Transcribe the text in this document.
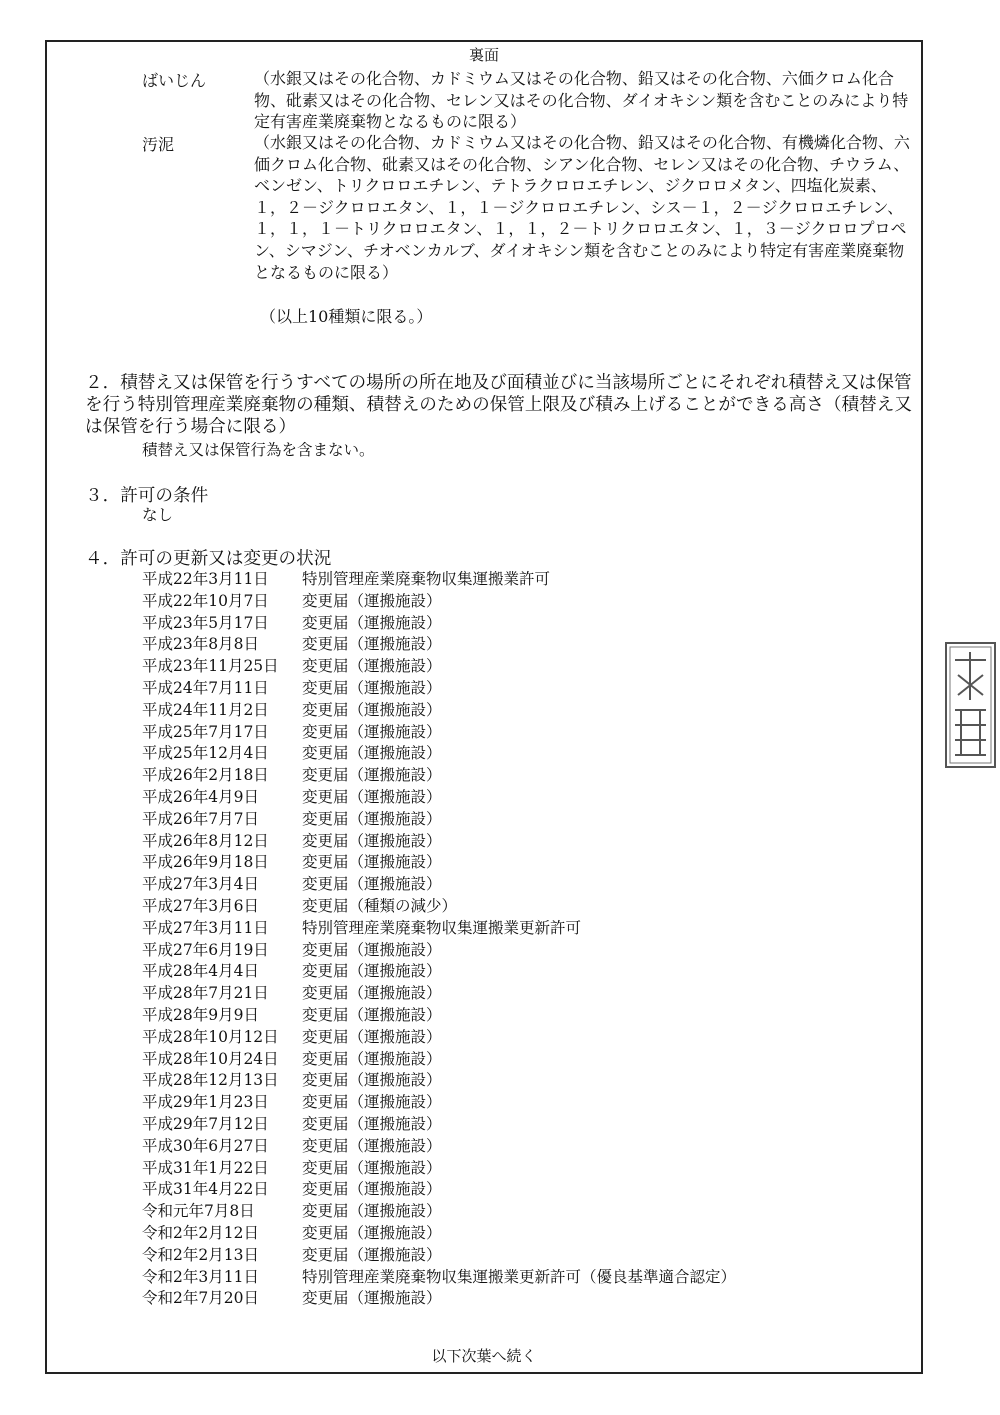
裏面
ばいじん	（水銀又はその化合物、カドミウム又はその化合物、鉛又はその化合物、六価クロム化合物、砒素又はその化合物、セレン又はその化合物、ダイオキシン類を含むことのみにより特定有害産業廃棄物となるものに限る）
汚泥	（水銀又はその化合物、カドミウム又はその化合物、鉛又はその化合物、有機燐化合物、六価クロム化合物、砒素又はその化合物、シアン化合物、セレン又はその化合物、チウラム、ベンゼン、トリクロロエチレン、テトラクロロエチレン、ジクロロメタン、四塩化炭素、１，２－ジクロロエタン、１，１－ジクロロエチレン、シス－１，２－ジクロロエチレン、１，１，１－トリクロロエタン、１，１，２－トリクロロエタン、１，３－ジクロロプロペン、シマジン、チオベンカルブ、ダイオキシン類を含むことのみにより特定有害産業廃棄物となるものに限る）
（以上10種類に限る。）
２．積替え又は保管を行うすべての場所の所在地及び面積並びに当該場所ごとにそれぞれ積替え又は保管を行う特別管理産業廃棄物の種類、積替えのための保管上限及び積み上げることができる高さ（積替え又は保管を行う場合に限る）
積替え又は保管行為を含まない。
３．許可の条件
なし
４．許可の更新又は変更の状況
平成22年3月11日	特別管理産業廃棄物収集運搬業許可
平成22年10月7日	変更届（運搬施設）
平成23年5月17日	変更届（運搬施設）
平成23年8月8日	変更届（運搬施設）
平成23年11月25日	変更届（運搬施設）
平成24年7月11日	変更届（運搬施設）
平成24年11月2日	変更届（運搬施設）
平成25年7月17日	変更届（運搬施設）
平成25年12月4日	変更届（運搬施設）
平成26年2月18日	変更届（運搬施設）
平成26年4月9日	変更届（運搬施設）
平成26年7月7日	変更届（運搬施設）
平成26年8月12日	変更届（運搬施設）
平成26年9月18日	変更届（運搬施設）
平成27年3月4日	変更届（運搬施設）
平成27年3月6日	変更届（種類の減少）
平成27年3月11日	特別管理産業廃棄物収集運搬業更新許可
平成27年6月19日	変更届（運搬施設）
平成28年4月4日	変更届（運搬施設）
平成28年7月21日	変更届（運搬施設）
平成28年9月9日	変更届（運搬施設）
平成28年10月12日	変更届（運搬施設）
平成28年10月24日	変更届（運搬施設）
平成28年12月13日	変更届（運搬施設）
平成29年1月23日	変更届（運搬施設）
平成29年7月12日	変更届（運搬施設）
平成30年6月27日	変更届（運搬施設）
平成31年1月22日	変更届（運搬施設）
平成31年4月22日	変更届（運搬施設）
令和元年7月8日	変更届（運搬施設）
令和2年2月12日	変更届（運搬施設）
令和2年2月13日	変更届（運搬施設）
令和2年3月11日	特別管理産業廃棄物収集運搬業更新許可（優良基準適合認定）
令和2年7月20日	変更届（運搬施設）
以下次葉へ続く
